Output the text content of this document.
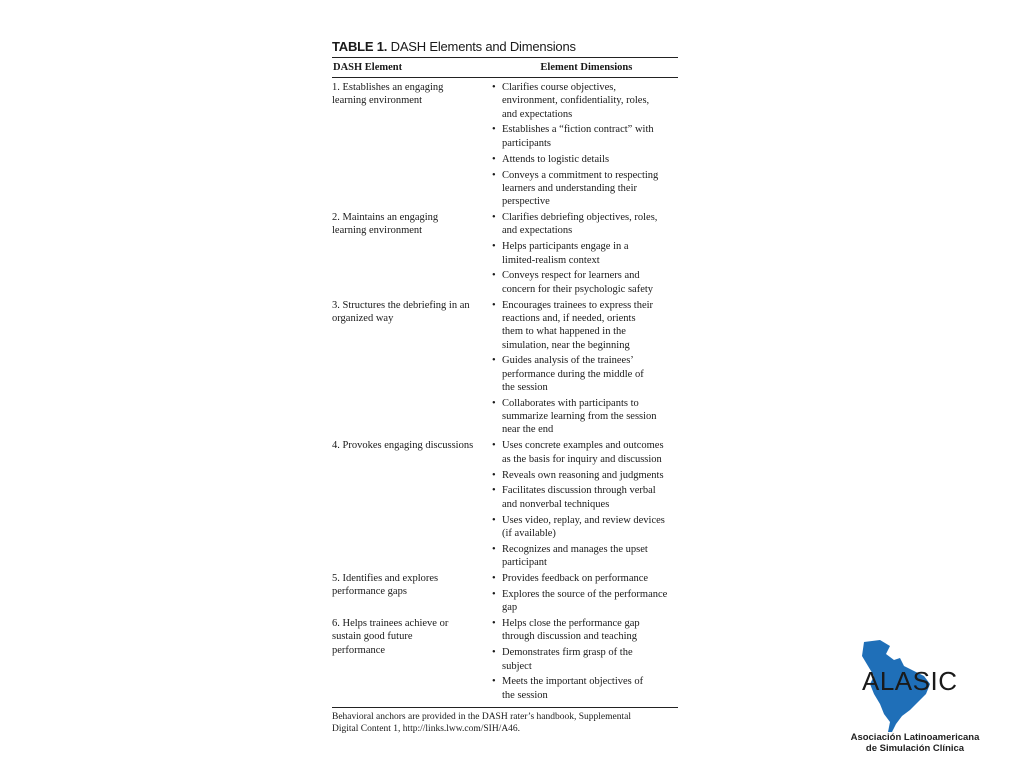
TABLE 1. DASH Elements and Dimensions
DASH Element	Element Dimensions
1. Establishes an engaging
learning environment
• Clarifies course objectives,
environment, confidentiality, roles,
and expectations
• Establishes a “fiction contract” with
participants
• Attends to logistic details
• Conveys a commitment to respecting
learners and understanding their
perspective
2. Maintains an engaging
learning environment
• Clarifies debriefing objectives, roles,
and expectations
• Helps participants engage in a
limited-realism context
• Conveys respect for learners and
concern for their psychologic safety
3. Structures the debriefing in an
organized way
• Encourages trainees to express their
reactions and, if needed, orients
them to what happened in the
simulation, near the beginning
• Guides analysis of the trainees’
performance during the middle of
the session
• Collaborates with participants to
summarize learning from the session
near the end
4. Provokes engaging discussions	• Uses concrete examples and outcomes
as the basis for inquiry and discussion
• Reveals own reasoning and judgments
• Facilitates discussion through verbal
and nonverbal techniques
• Uses video, replay, and review devices
(if available)
• Recognizes and manages the upset
participant
5. Identifies and explores
performance gaps
• Provides feedback on performance
• Explores the source of the performance
gap
6. Helps trainees achieve or
sustain good future
performance
• Helps close the performance gap
through discussion and teaching
• Demonstrates firm grasp of the
subject
• Meets the important objectives of
the session
Behavioral anchors are provided in the DASH rater’s handbook, Supplemental
Digital Content 1, http://links.lww.com/SIH/A46.
ALASIC
Asociación Latinoamericana
de Simulación Clínica
